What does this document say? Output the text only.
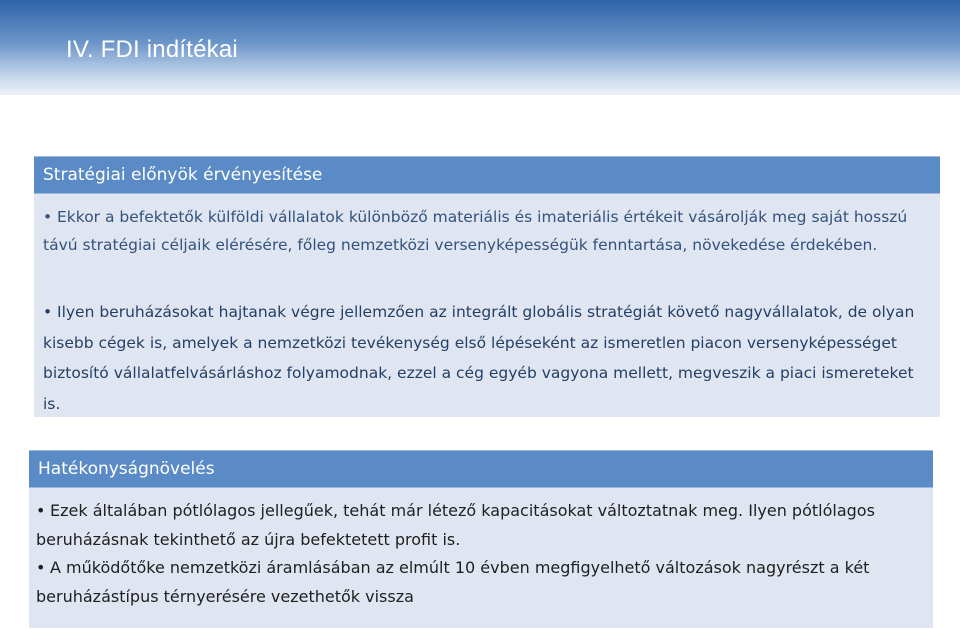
IV. FDI indítékai
Stratégiai előnyök érvényesítése

• Ekkor a befektetők külföldi vállalatok különböző materiális és imateriális értékeit vásárolják meg saját hosszú távú stratégiai céljaik elérésére, főleg nemzetközi versenyképességük fenntartása, növekedése érdekében.

• Ilyen beruházásokat hajtanak végre jellemzően az integrált globális stratégiát követő nagyvállalatok, de olyan kisebb cégek is, amelyek a nemzetközi tevékenység első lépéseként az ismeretlen piacon versenyképességet biztosító vállalatfelvásárláshoz folyamodnak, ezzel a cég egyéb vagyona mellett, megveszik a piaci ismereteket is.

Hatékonyságnövelés

• Ezek általában pótlólagos jellegűek, tehát már létező kapacitásokat változtatnak meg. Ilyen pótlólagos beruházásnak tekinthető az újra befektetett profit is.

• A működőtőke nemzetközi áramlásában az elmúlt 10 évben megfigyelhető változások nagyrészt a két beruházástípus térnyerésére vezethetők vissza
